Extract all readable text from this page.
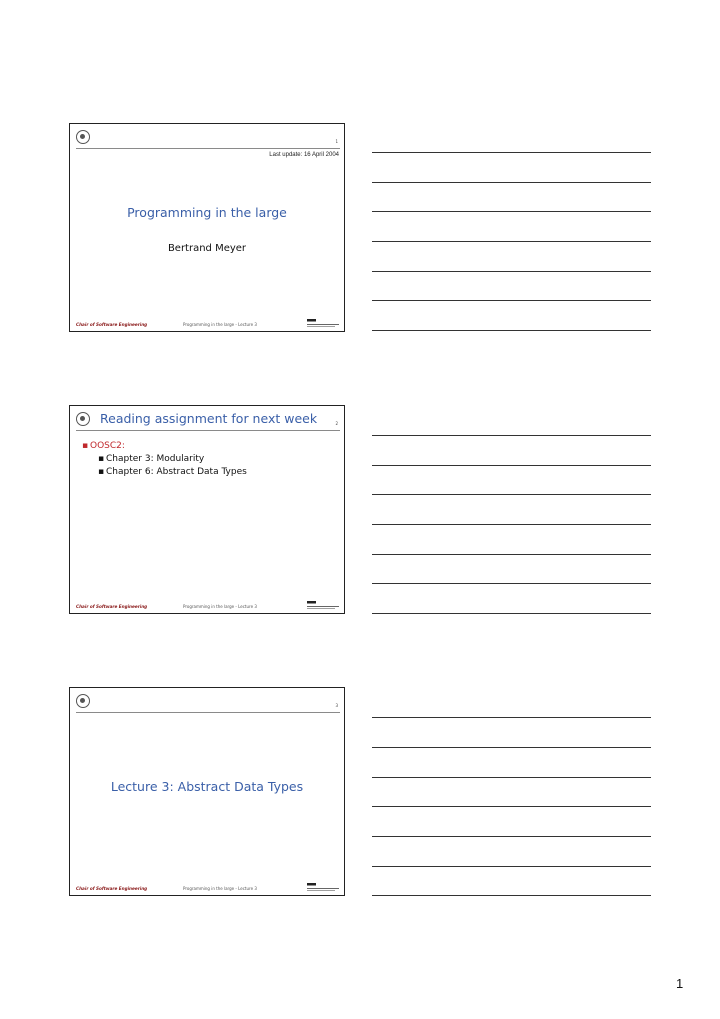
1
Last update: 16 April 2004
Programming in the large
Bertrand Meyer
Chair of Software Engineering	Programming in the large - Lecture 3
Reading assignment for next week	2
▪ OOSC2:
▪ Chapter 3: Modularity
▪ Chapter 6: Abstract Data Types
Chair of Software Engineering	Programming in the large - Lecture 3
3
Lecture 3: Abstract Data Types
Chair of Software Engineering	Programming in the large - Lecture 3
1
